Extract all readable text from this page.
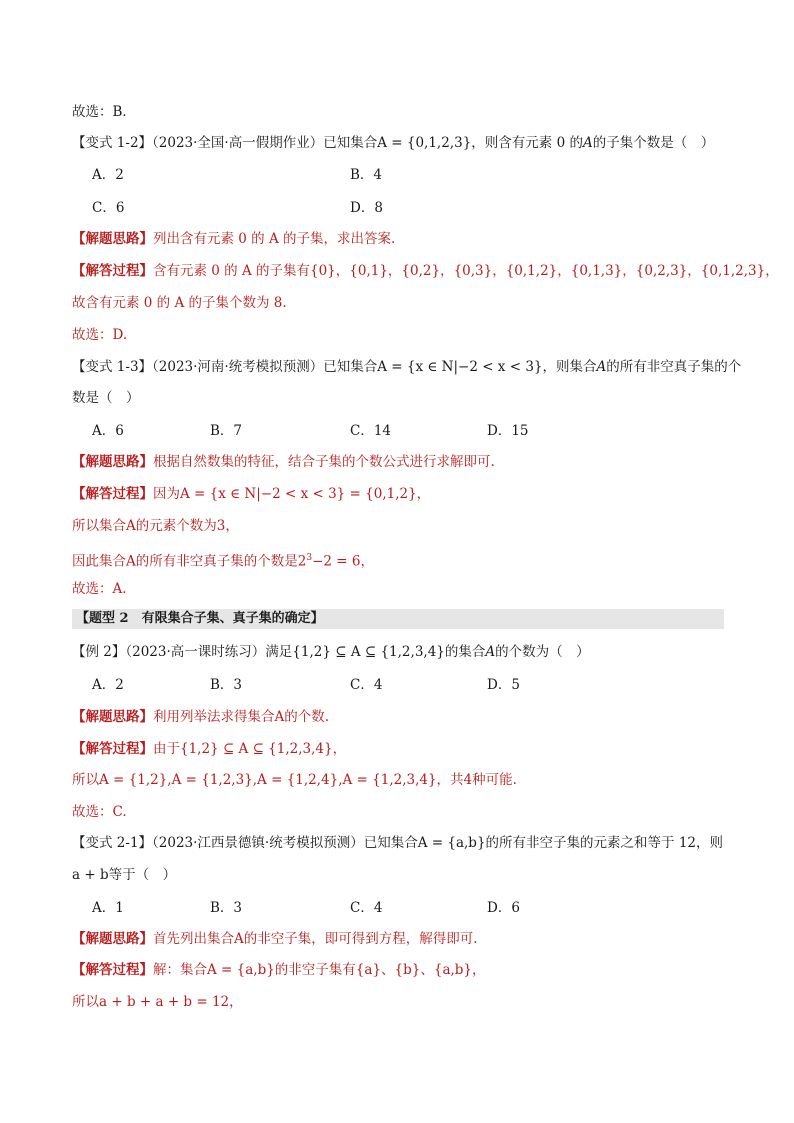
故选：B．
【变式 1-2】（2023·全国·高一假期作业）已知集合A = {0,1,2,3}，则含有元素 0 的A的子集个数是（　）
A．2	B．4
C．6	D．8
【解题思路】列出含有元素 0 的 A 的子集，求出答案.
【解答过程】含有元素 0 的 A 的子集有{0}，{0,1}，{0,2}，{0,3}，{0,1,2}，{0,1,3}，{0,2,3}，{0,1,2,3}，
故含有元素 0 的 A 的子集个数为 8.
故选：D.
【变式 1-3】（2023·河南·统考模拟预测）已知集合A = {x ∈ N|−2 < x < 3}，则集合A的所有非空真子集的个
数是（　）
A．6	B．7	C．14	D．15
【解题思路】根据自然数集的特征，结合子集的个数公式进行求解即可.
【解答过程】因为A = {x ∈ N|−2 < x < 3} = {0,1,2}，
所以集合A的元素个数为3，
因此集合A的所有非空真子集的个数是$2^3-2 = 6$，
故选：A.
【题型 2　有限集合子集、真子集的确定】
【例 2】（2023·高一课时练习）满足{1,2} ⊆ A ⊆ {1,2,3,4}的集合A的个数为（　）
A．2	B．3	C．4	D．5
【解题思路】利用列举法求得集合A的个数.
【解答过程】由于{1,2} ⊆ A ⊆ {1,2,3,4}，
所以A = {1,2},A = {1,2,3},A = {1,2,4},A = {1,2,3,4}，共4种可能.
故选：C.
【变式 2-1】（2023·江西景德镇·统考模拟预测）已知集合A = {a,b}的所有非空子集的元素之和等于 12，则
a + b等于（　）
A．1	B．3	C．4	D．6
【解题思路】首先列出集合A的非空子集，即可得到方程，解得即可.
【解答过程】解：集合A = {a,b}的非空子集有{a}、{b}、{a,b}，
所以a + b + a + b = 12，
